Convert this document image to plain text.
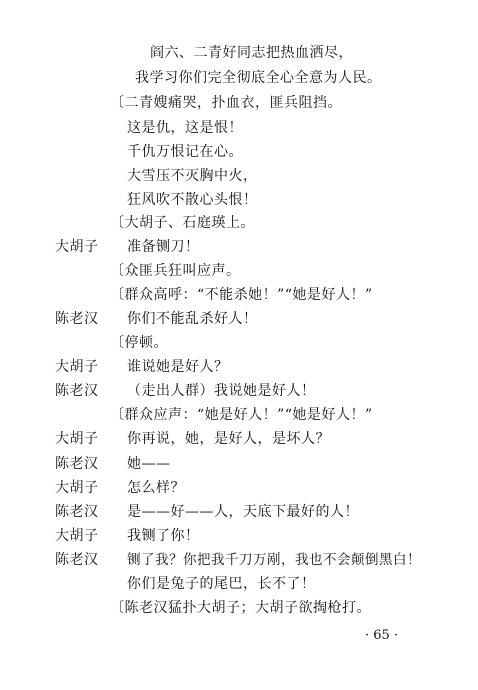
阎六、二青好同志把热血洒尽，
我学习你们完全彻底全心全意为人民。
〔二青嫂痛哭，扑血衣，匪兵阻挡。
这是仇，这是恨！
千仇万恨记在心。
大雪压不灭胸中火，
狂风吹不散心头恨！
〔大胡子、石庭瑛上。
大胡子 准备铡刀！
〔众匪兵狂叫应声。
〔群众高呼：“不能杀她！”“她是好人！”
陈老汉 你们不能乱杀好人！
〔停顿。
大胡子 谁说她是好人？
陈老汉 （走出人群）我说她是好人！
〔群众应声：“她是好人！”“她是好人！”
大胡子 你再说，她，是好人，是坏人？
陈老汉 她——
大胡子 怎么样？
陈老汉 是——好——人，天底下最好的人！
大胡子 我铡了你！
陈老汉 铡了我？你把我千刀万剐，我也不会颠倒黑白！
你们是兔子的尾巴，长不了！
〔陈老汉猛扑大胡子；大胡子欲掏枪打。
· 65 ·
